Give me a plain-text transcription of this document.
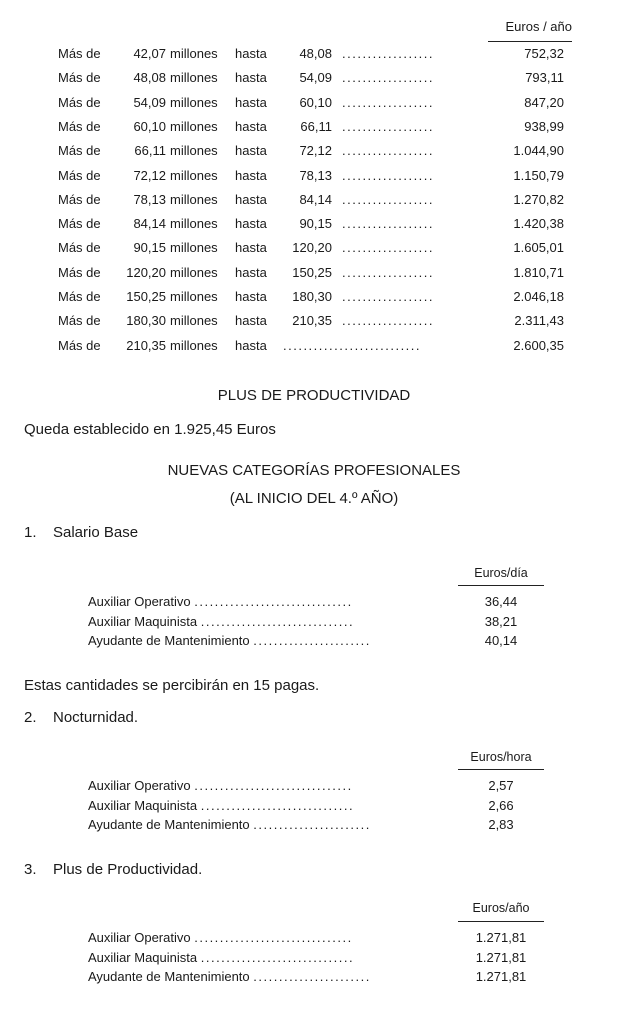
Euros / año
Más de	42,07 millones hasta	48,08 ..................	752,32
Más de	48,08 millones hasta	54,09 ..................	793,11
Más de	54,09 millones hasta	60,10 ..................	847,20
Más de	60,10 millones hasta	66,11 ..................	938,99
Más de	66,11 millones hasta	72,12 ..................	1.044,90
Más de	72,12 millones hasta	78,13 ..................	1.150,79
Más de	78,13 millones hasta	84,14 ..................	1.270,82
Más de	84,14 millones hasta	90,15 ..................	1.420,38
Más de	90,15 millones hasta	120,20 ..................	1.605,01
Más de	120,20 millones hasta	150,25 ..................	1.810,71
Más de	150,25 millones hasta	180,30 ..................	2.046,18
Más de	180,30 millones hasta	210,35 ..................	2.311,43
Más de	210,35 millones hasta ...........................	2.600,35
PLUS DE PRODUCTIVIDAD
Queda establecido en 1.925,45 Euros
NUEVAS CATEGORÍAS PROFESIONALES
(AL INICIO DEL 4.º AÑO)
1. Salario Base
Euros/día
Auxiliar Operativo ...............................	36,44
Auxiliar Maquinista ..............................	38,21
Ayudante de Mantenimiento .......................	40,14
Estas cantidades se percibirán en 15 pagas.
2. Nocturnidad.
Euros/hora
Auxiliar Operativo ...............................	2,57
Auxiliar Maquinista ..............................	2,66
Ayudante de Mantenimiento .......................	2,83
3. Plus de Productividad.
Euros/año
Auxiliar Operativo ...............................	1.271,81
Auxiliar Maquinista ..............................	1.271,81
Ayudante de Mantenimiento .......................	1.271,81
